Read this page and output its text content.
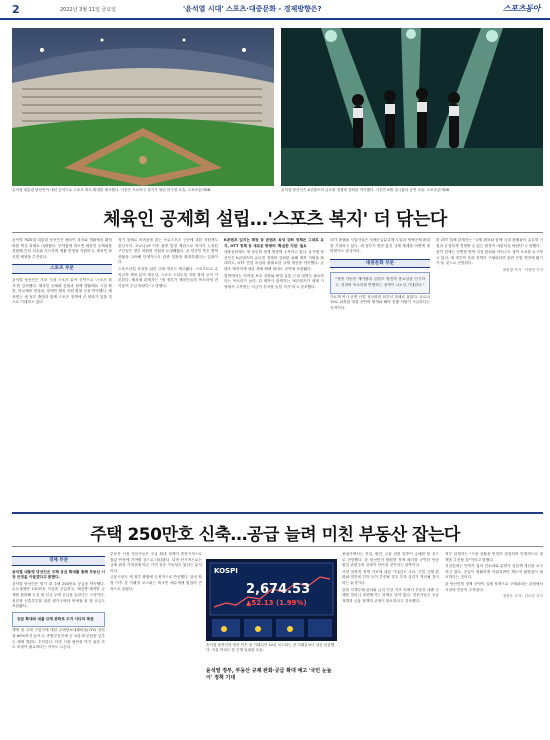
2	2022년 3월 11일 금요일	'윤석열 시대' 스포츠·대중문화 - 경제방향은?	스포츠동아
윤석열 대통령 당선인이 대선 공약으로 스포츠 복지 확대를 제시했다. 사진은 프로야구 경기가 열린 야구장 모습. 스포츠동아DB	윤석열 당선인은 K콘텐츠의 글로벌 경쟁력 강화를 약속했다. 사진은 K팝 걸그룹의 공연 모습. 스포츠동아DB
체육인 공제회 설립…'스포츠 복지' 더 닦는다

윤석열 제20대 대통령 당선인은 체육인 복지와 생활체육 활성화를 핵심 과제로 내세웠다. 공약집에 따르면 체육인 공제회를 설립해 은퇴 선수와 지도자의 생활 안정을 지원하고, 체육인 복지법 제정을 추진한다.

스포츠 부문

윤석열 당선인은 후보 시절 스포츠 분야 공약으로 '스포츠 복지'를 강조했다. 체육인 공제회 설립과 함께 생활체육 시설 확충, 학교체육 정상화, 장애인 체육 지원 확대 등을 약속했다. 체육계는 새 정부 출범과 함께 스포츠 정책에 큰 변화가 있을 것으로 기대하고 있다.

경기 침체로 어려움을 겪는 프로스포츠 구단에 대한 지원책도 관심사다. 코로나19 이후 관중 입장 제한으로 적자가 누적된 구단들은 정부 차원의 지원을 요청해왔다. 윤 당선인 측은 방역 상황을 고려해 단계적으로 관중 입장을 확대하겠다는 입장이다.

스포츠산업 육성을 위한 규제 개선도 예고됐다. 스포츠토토 수익금의 체육 분야 재투자, 스포츠 스타트업 지원 확대 등이 거론된다. 체육계 관계자는 "새 정부가 체육인들의 목소리에 귀 기울여 주길 바란다"고 말했다.

K콘텐츠 입지는 확장 등 콘텐츠 육성 강화 정책은 그대로 유지, OTT 정책 등 새로운 방향의 '확실한 지원' 필요

대중문화계도 새 정부의 정책 방향에 주목하고 있다. 윤석열 당선인은 K콘텐츠의 글로벌 경쟁력 강화를 위해 제작 지원을 확대하고, OTT 산업 육성과 불필요한 규제 개선을 약속했다. 콘텐츠 제작사에 대한 세제 혜택 확대도 공약에 포함됐다.

업계에서는 저작권 보호 강화와 불법 유통 근절 대책도 필요하다는 목소리가 높다. 한 제작사 관계자는 "K콘텐츠가 세계 시장에서 주목받는 지금이 투자를 늘릴 적기"라고 강조했다.

OTT 플랫폼 사업자들은 자체등급분류제 도입과 세액공제 확대를 기대하고 있다. 새 정부가 방송·통신 규제 체계를 어떻게 정비할지도 관심이다.

대중문화 부문

"생생 가능한 케이팝과 콘텐츠 발전의 중요성을 인식하고, 현장의 목소리를 반영하는 정책이 나오길 기대한다."

가요계 역시 공연 산업 정상화를 최우선 과제로 꼽았다. 코로나19로 위축된 대형 공연의 재개와 해외 진출 지원이 시급하다는 지적이다.

한 OTT 업체 관계자는 "규제 완화와 함께 국내 플랫폼이 글로벌 기업과 공정하게 경쟁할 수 있는 환경이 마련되길 바란다"고 말했다.

음악 업계는 공연장 방역 지침 완화와 아티스트 권익 보호를 요구하고 있다. 새 정부의 문화 정책이 구체화되면 관련 산업 전반에 활기가 돌 것으로 전망된다.

최현정 기자 · 이정연 기자

주택 250만호 신축…공급 늘려 미친 부동산 잡는다
경제 부문

윤석열 대통령 당선인은 주택 공급 확대를 통해 부동산 시장 안정을 이끌겠다고 밝혔다.

윤석열 당선인은 임기 내 주택 250만호 공급을 약속했다. 수도권에만 130만호 이상을 공급하고, 재건축·재개발 규제를 완화해 도심 내 신규 주택 공급을 늘린다는 구상이다. 청년과 신혼부부를 위한 원가주택과 역세권 첫 집 공급도 포함됐다.

공급 확대와 대출 규제 완화로 주거 사다리 복원

생애 첫 주택 구입자에 대한 주택담보대출비율(LTV) 상한을 80%까지 높이고, 종합부동산세 등 보유세 부담을 낮추는 세제 개편도 추진한다. 다만 시장 불안을 막기 위한 속도 조절이 필요하다는 지적도 나온다.

부동산 시장 전문가들은 공급 확대 정책이 중장기적으로 집값 안정에 기여할 것으로 내다봤다. 다만 단기적으로는 규제 완화 기대감에 따른 가격 상승 가능성도 있다는 분석이다.

금융시장도 새 정부 출범에 긍정적으로 반응했다. 당선 확정 이후 첫 거래일 코스피는 외국인 매수세에 힘입어 큰 폭으로 올랐다.

KOSPI
2,674.53
▲52.13 (1.99%)
윤석열 당선인의 당선 이후 첫 거래일인 10일 코스피는 전 거래일보다 상승 마감했다. 서울 여의도 한 은행 딜링룸 모습.
윤석열 정부, 부동산 규제 완화·공급 확대 예고 '국민 눈높이' 정책 기대

증권가에서는 건설, 원전, 금융 관련 업종이 수혜를 볼 것으로 전망했다. 윤 당선인이 탈원전 정책 폐기를 공약한 만큼 원전 관련주의 강세가 이어질 것이라는 관측이다.

시장 친화적 정책 기조에 대한 기대감도 크다. 기업 규제 완화와 법인세 인하 등이 추진될 경우 투자 심리가 개선될 것이라는 분석이다.

한편 가계부채 관리와 금리 인상 기조 속에서 부동산 대출 규제를 얼마나 완화할지는 과제로 남아 있다. 전문가들은 공급 정책과 금융 정책의 균형이 중요하다고 강조했다.

정부 관계자는 "시장 상황을 면밀히 점검하며 단계적으로 정책을 추진할 것"이라고 밝혔다.

건설업계는 인허가 절차 간소화와 분양가 상한제 개선을 요구하고 있다. 공급이 원활하게 이뤄지려면 제도적 뒷받침이 필요하다는 것이다.

윤 당선인의 경제 공약이 실제 정책으로 구체화되는 과정에서 시장의 반응이 주목된다.

정정욱 기자 · 김도헌 기자
